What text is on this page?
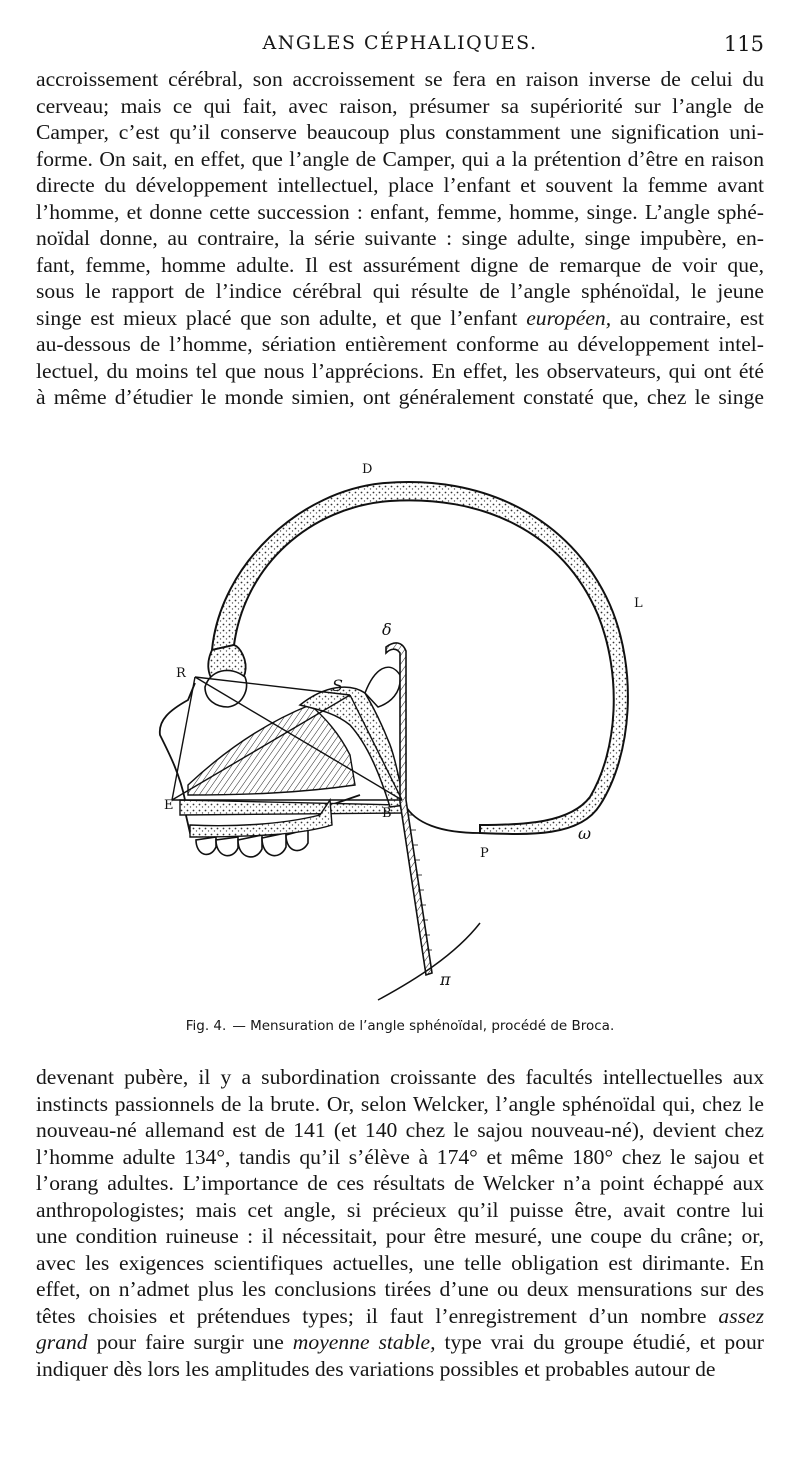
ANGLES CÉPHALIQUES.	115
accroissement cérébral, son accroissement se fera en raison inverse de celui du
cerveau; mais ce qui fait, avec raison, présumer sa supériorité sur l’angle de
Camper, c’est qu’il conserve beaucoup plus constamment une signification uni-
forme. On sait, en effet, que l’angle de Camper, qui a la prétention d’être en raison
directe du développement intellectuel, place l’enfant et souvent la femme avant
l’homme, et donne cette succession : enfant, femme, homme, singe. L’angle sphé-
noïdal donne, au contraire, la série suivante : singe adulte, singe impubère, en-
fant, femme, homme adulte. Il est assurément digne de remarque de voir que,
sous le rapport de l’indice cérébral qui résulte de l’angle sphénoïdal, le jeune
singe est mieux placé que son adulte, et que l’enfant européen, au contraire, est
au-dessous de l’homme, sériation entièrement conforme au développement intel-
lectuel, du moins tel que nous l’apprécions. En effet, les observateurs, qui ont été
à même d’étudier le monde simien, ont généralement constaté que, chez le singe
D
L
δ
R
S
E
B
P
ω
π
Fig. 4. — Mensuration de l’angle sphénoïdal, procédé de Broca.
devenant pubère, il y a subordination croissante des facultés intellectuelles aux
instincts passionnels de la brute. Or, selon Welcker, l’angle sphénoïdal qui, chez le
nouveau-né allemand est de 141 (et 140 chez le sajou nouveau-né), devient chez
l’homme adulte 134°, tandis qu’il s’élève à 174° et même 180° chez le sajou et
l’orang adultes. L’importance de ces résultats de Welcker n’a point échappé aux
anthropologistes; mais cet angle, si précieux qu’il puisse être, avait contre lui
une condition ruineuse : il nécessitait, pour être mesuré, une coupe du crâne; or,
avec les exigences scientifiques actuelles, une telle obligation est dirimante. En
effet, on n’admet plus les conclusions tirées d’une ou deux mensurations sur des
têtes choisies et prétendues types; il faut l’enregistrement d’un nombre assez
grand pour faire surgir une moyenne stable, type vrai du groupe étudié, et pour
indiquer dès lors les amplitudes des variations possibles et probables autour de
